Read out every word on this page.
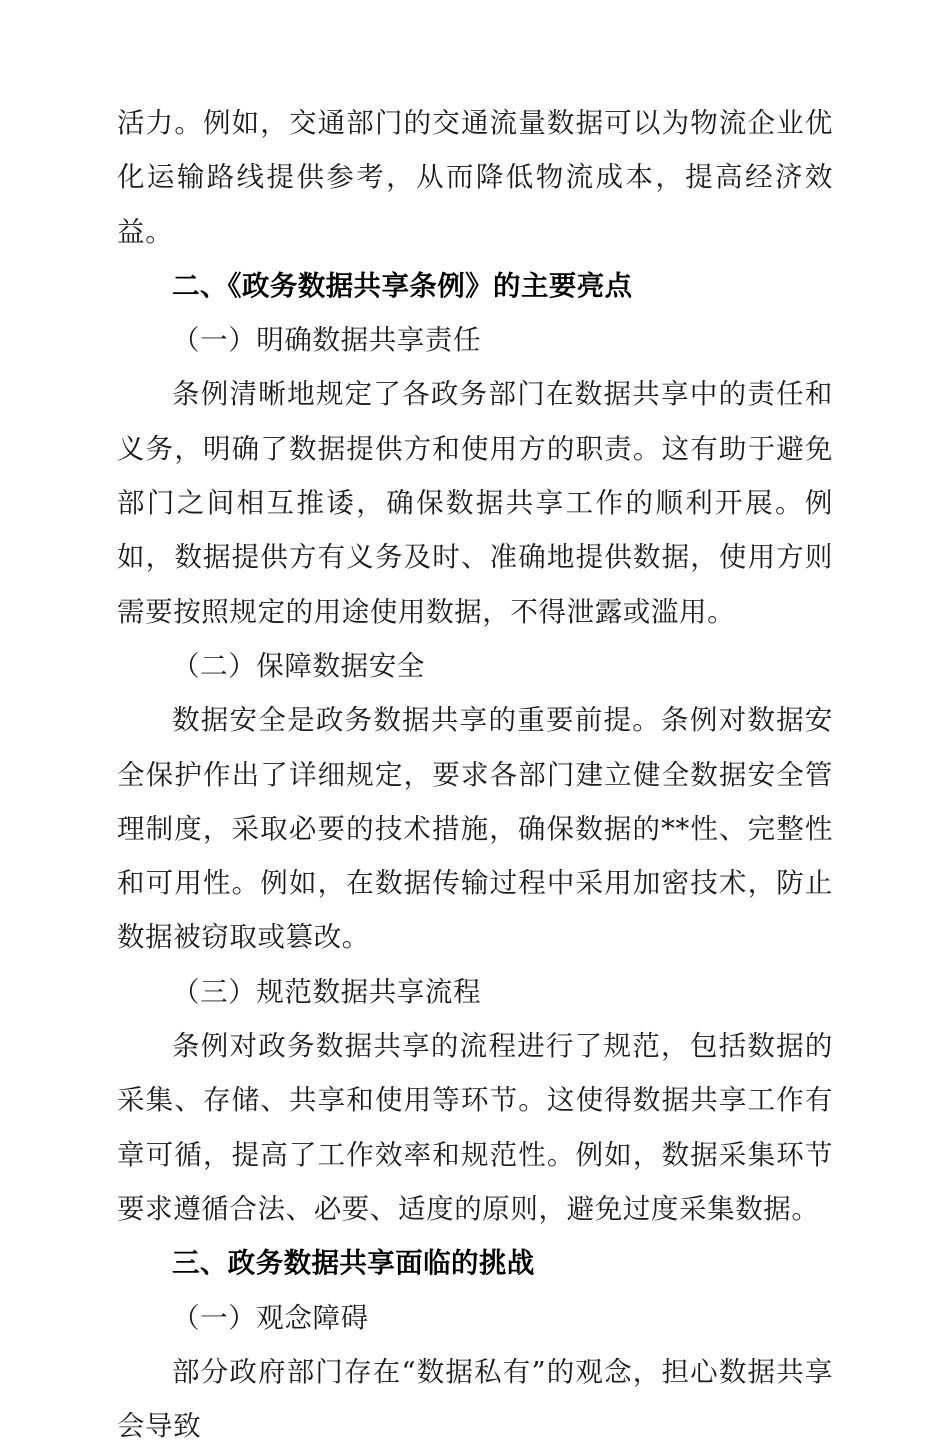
活力。例如，交通部门的交通流量数据可以为物流企业优化运输路线提供参考，从而降低物流成本，提高经济效益。

二、《政务数据共享条例》的主要亮点
（一）明确数据共享责任

条例清晰地规定了各政务部门在数据共享中的责任和义务，明确了数据提供方和使用方的职责。这有助于避免部门之间相互推诿，确保数据共享工作的顺利开展。例如，数据提供方有义务及时、准确地提供数据，使用方则需要按照规定的用途使用数据，不得泄露或滥用。

（二）保障数据安全

数据安全是政务数据共享的重要前提。条例对数据安全保护作出了详细规定，要求各部门建立健全数据安全管理制度，采取必要的技术措施，确保数据的**性、完整性和可用性。例如，在数据传输过程中采用加密技术，防止数据被窃取或篡改。

（三）规范数据共享流程

条例对政务数据共享的流程进行了规范，包括数据的采集、存储、共享和使用等环节。这使得数据共享工作有章可循，提高了工作效率和规范性。例如，数据采集环节要求遵循合法、必要、适度的原则，避免过度采集数据。

三、政务数据共享面临的挑战
（一）观念障碍

部分政府部门存在“数据私有”的观念，担心数据共享会导致
